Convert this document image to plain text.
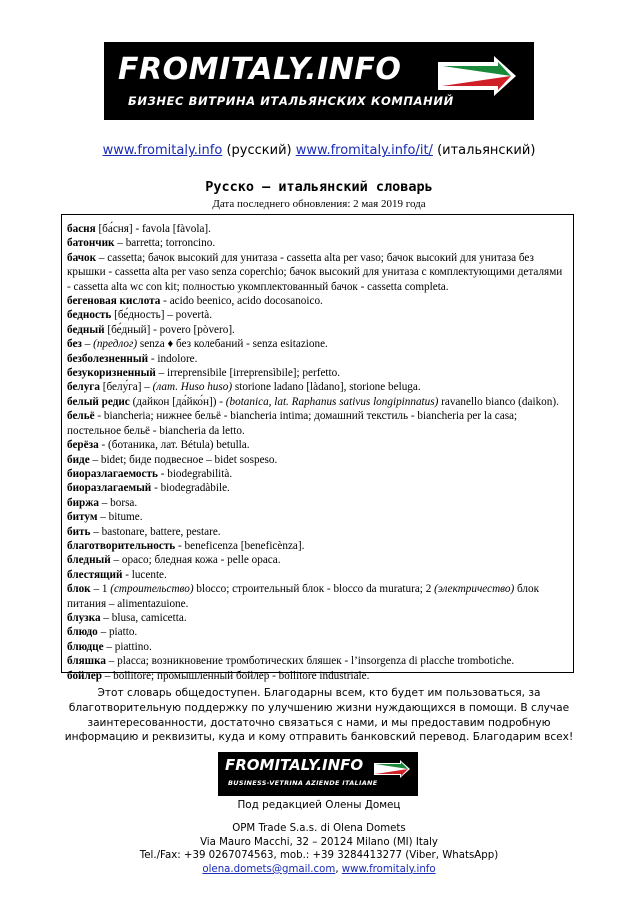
FROMITALY.INFO
БИЗНЕС ВИТРИНА ИТАЛЬЯНСКИХ КОМПАНИЙ
www.fromitaly.info (русский) www.fromitaly.info/it/ (итальянский)
Русско – итальянский словарь
Дата последнего обновления: 2 мая 2019 года

басня [ба́сня] - favola [fàvola].

батончик – barretta; torroncino.

бачок – cassetta; бачок высокий для унитаза - cassetta alta per vaso; бачок высокий для унитаза без крышки - cassetta alta per vaso senza coperchio; бачок высокий для унитаза с комплектующими деталями - cassetta alta wc con kit; полностью укомплектованный бачок - cassetta completa.

бегеновая кислота - acido beenico, acido docosanoico.

бедность [бе́дность] – povertà.

бедный [бе́дный] - povero [pòvero].

без – (предлог) senza ♦ без колебаний - senza esitazione.

безболезненный - indolore.

безукоризненный – irreprensibile [irreprensìbile]; perfetto.

белуга [белу́га] – (лат. Huso huso) storione ladano [làdano], storione beluga.

белый редис (дайкон [да́йко́н]) - (botanica, lat. Raphanus sativus longipinnatus) ravanello bianco (daikon).

бельё - biancheria; нижнее бельё - biancheria intima; домашний текстиль - biancheria per la casa; постельное бельё - biancheria da letto.

берёза - (ботаника, лат. Bétula) betulla.

биде – bidet; биде подвесное – bidet sospeso.

биоразлагаемость - biodegrabilità.

биоразлагаемый - biodegradàbile.

биржа – borsa.

битум – bitume.

бить – bastonare, battere, pestare.

благотворительность - beneficenza [beneficènza].

бледный – opaco; бледная кожа - pelle opaca.

блестящий - lucente.

блок – 1 (строительство) blocco; строительный блок - blocco da muratura; 2 (электричество) блок питания – alimentazuione.

блузка – blusa, camicetta.

блюдо – piatto.

блюдце – piattino.

бляшка – placca; возникновение тромботических бляшек - l’insorgenza di placche trombotiche.

бойлер – bollitore; промышленный бойлер - bollitore industriale.

Этот словарь общедоступен. Благодарны всем, кто будет им пользоваться, за благотворительную поддержку по улучшению жизни нуждающихся в помощи. В случае заинтересованности, достаточно связаться с нами, и мы предоставим подробную информацию и реквизиты, куда и кому отправить банковский перевод. Благодарим всех!
FROMITALY.INFO
BUSINESS-VETRINA AZIENDE ITALIANE
Под редакцией Олены Домец
OPM Trade S.a.s. di Olena Domets
Via Mauro Macchi, 32 – 20124 Milano (MI) Italy
Tel./Fax: +39 0267074563, mob.: +39 3284413277 (Viber, WhatsApp)
olena.domets@gmail.com, www.fromitaly.info
